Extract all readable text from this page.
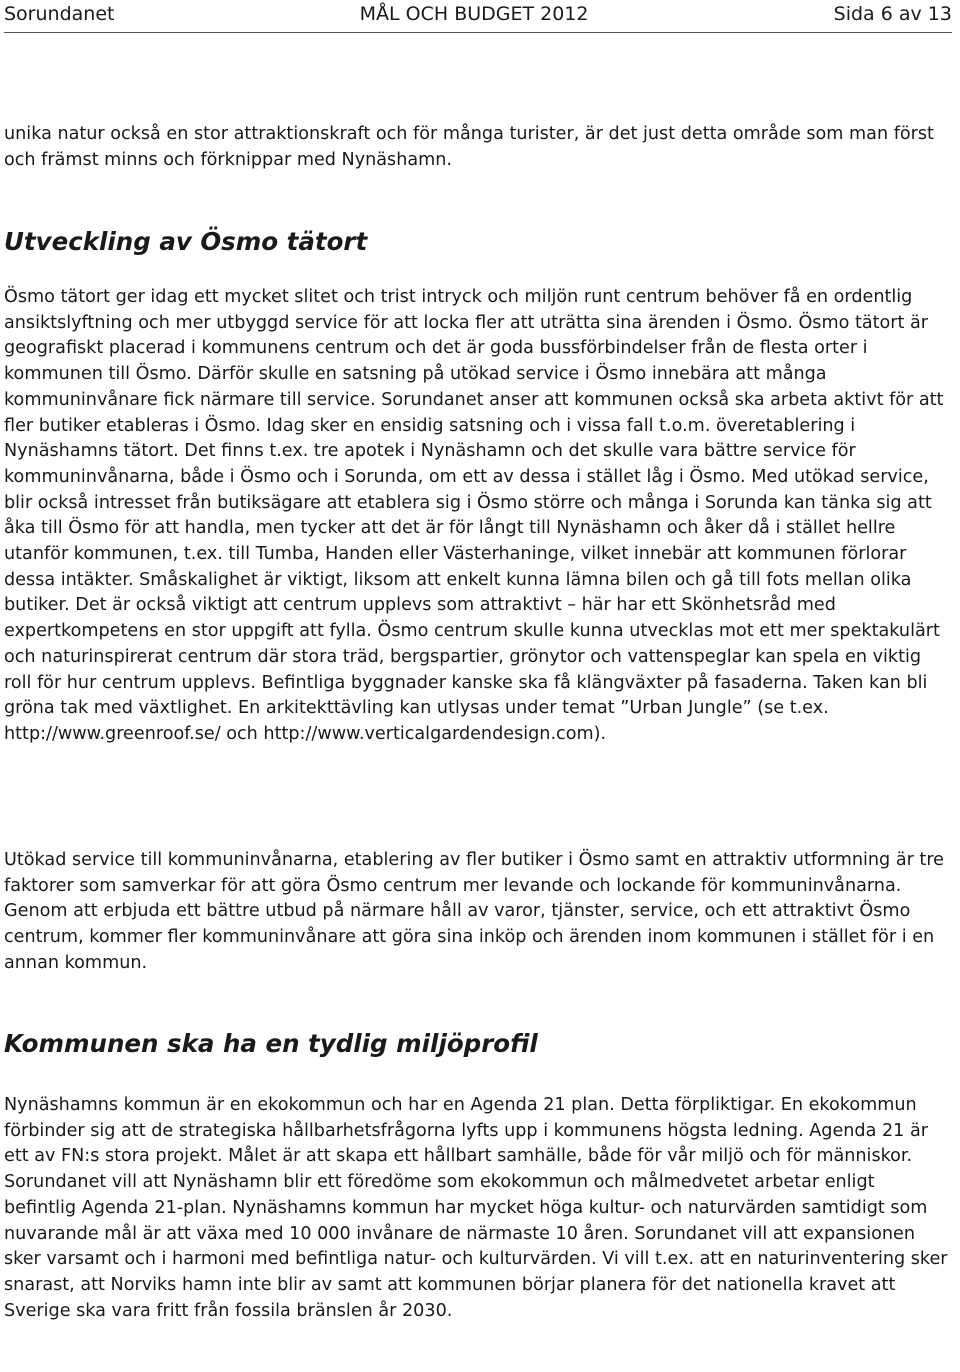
Sorundanet	MÅL OCH BUDGET 2012	Sida 6 av 13

unika natur också en stor attraktionskraft och för många turister, är det just detta område som man först och främst minns och förknippar med Nynäshamn.

Utveckling av Ösmo tätort

Ösmo tätort ger idag ett mycket slitet och trist intryck och miljön runt centrum behöver få en ordentlig ansiktslyftning och mer utbyggd service för att locka fler att uträtta sina ärenden i Ösmo. Ösmo tätort är geografiskt placerad i kommunens centrum och det är goda bussförbindelser från de flesta orter i kommunen till Ösmo. Därför skulle en satsning på utökad service i Ösmo innebära att många kommuninvånare fick närmare till service. Sorundanet anser att kommunen också ska arbeta aktivt för att fler butiker etableras i Ösmo. Idag sker en ensidig satsning och i vissa fall t.o.m. överetablering i Nynäshamns tätort. Det finns t.ex. tre apotek i Nynäshamn och det skulle vara bättre service för kommuninvånarna, både i Ösmo och i Sorunda, om ett av dessa i stället låg i Ösmo. Med utökad service, blir också intresset från butiksägare att etablera sig i Ösmo större och många i Sorunda kan tänka sig att åka till Ösmo för att handla, men tycker att det är för långt till Nynäshamn och åker då i stället hellre utanför kommunen, t.ex. till Tumba, Handen eller Västerhaninge, vilket innebär att kommunen förlorar dessa intäkter. Småskalighet är viktigt, liksom att enkelt kunna lämna bilen och gå till fots mellan olika butiker. Det är också viktigt att centrum upplevs som attraktivt – här har ett Skönhetsråd med expertkompetens en stor uppgift att fylla. Ösmo centrum skulle kunna utvecklas mot ett mer spektakulärt och naturinspirerat centrum där stora träd, bergspartier, grönytor och vattenspeglar kan spela en viktig roll för hur centrum upplevs. Befintliga byggnader kanske ska få klängväxter på fasaderna. Taken kan bli gröna tak med växtlighet. En arkitekttävling kan utlysas under temat ”Urban Jungle” (se t.ex. http://www.greenroof.se/ och http://www.verticalgardendesign.com).

Utökad service till kommuninvånarna, etablering av fler butiker i Ösmo samt en attraktiv utformning är tre faktorer som samverkar för att göra Ösmo centrum mer levande och lockande för kommuninvånarna. Genom att erbjuda ett bättre utbud på närmare håll av varor, tjänster, service, och ett attraktivt Ösmo centrum, kommer fler kommuninvånare att göra sina inköp och ärenden inom kommunen i stället för i en annan kommun.

Kommunen ska ha en tydlig miljöprofil

Nynäshamns kommun är en ekokommun och har en Agenda 21 plan. Detta förpliktigar. En ekokommun förbinder sig att de strategiska hållbarhetsfrågorna lyfts upp i kommunens högsta ledning. Agenda 21 är ett av FN:s stora projekt. Målet är att skapa ett hållbart samhälle, både för vår miljö och för människor. Sorundanet vill att Nynäshamn blir ett föredöme som ekokommun och målmedvetet arbetar enligt befintlig Agenda 21-plan. Nynäshamns kommun har mycket höga kultur- och naturvärden samtidigt som nuvarande mål är att växa med 10 000 invånare de närmaste 10 åren. Sorundanet vill att expansionen sker varsamt och i harmoni med befintliga natur- och kulturvärden. Vi vill t.ex. att en naturinventering sker snarast, att Norviks hamn inte blir av samt att kommunen börjar planera för det nationella kravet att Sverige ska vara fritt från fossila bränslen år 2030.
